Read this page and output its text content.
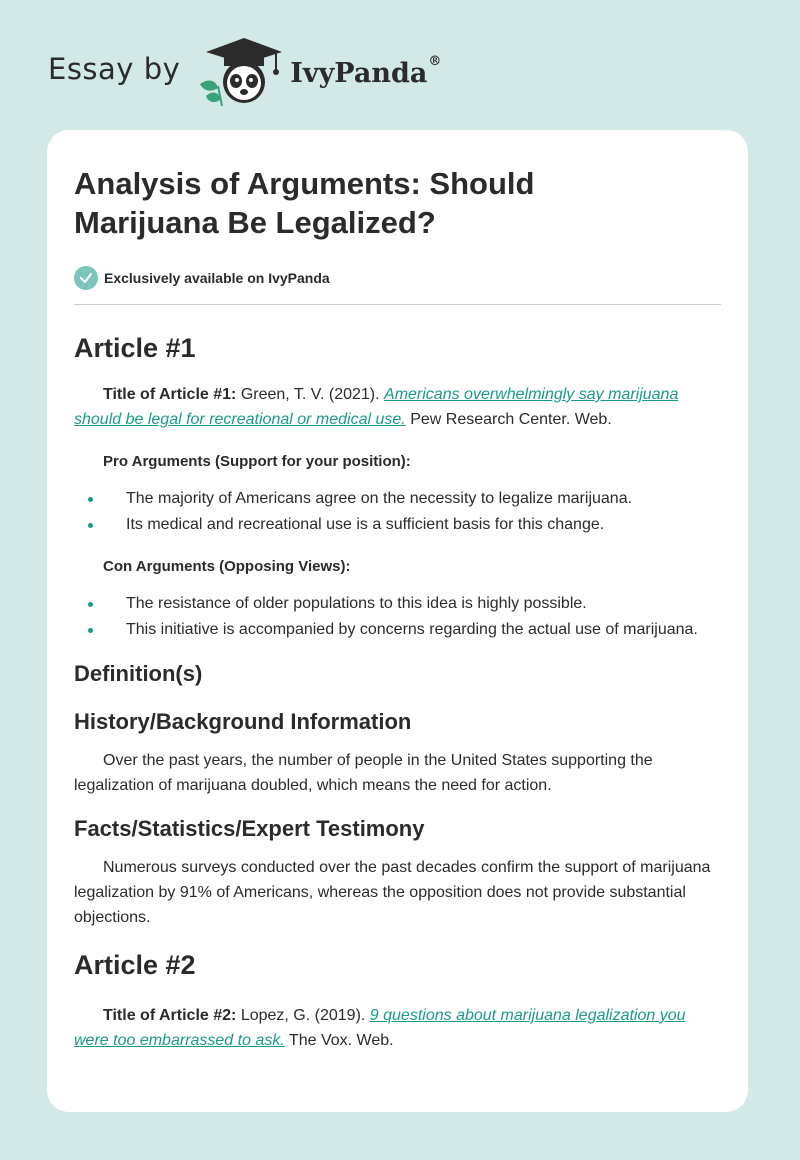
Essay by	IvyPanda®
Analysis of Arguments: Should Marijuana Be Legalized?
Exclusively available on IvyPanda
Article #1

Title of Article #1: Green, T. V. (2021). Americans overwhelmingly say marijuana should be legal for recreational or medical use. Pew Research Center. Web.

Pro Arguments (Support for your position):

The majority of Americans agree on the necessity to legalize marijuana.
Its medical and recreational use is a sufficient basis for this change.

Con Arguments (Opposing Views):

The resistance of older populations to this idea is highly possible.
This initiative is accompanied by concerns regarding the actual use of marijuana.
Definition(s)
History/Background Information

Over the past years, the number of people in the United States supporting the legalization of marijuana doubled, which means the need for action.

Facts/Statistics/Expert Testimony

Numerous surveys conducted over the past decades confirm the support of marijuana legalization by 91% of Americans, whereas the opposition does not provide substantial objections.

Article #2

Title of Article #2: Lopez, G. (2019). 9 questions about marijuana legalization you were too embarrassed to ask. The Vox. Web.
